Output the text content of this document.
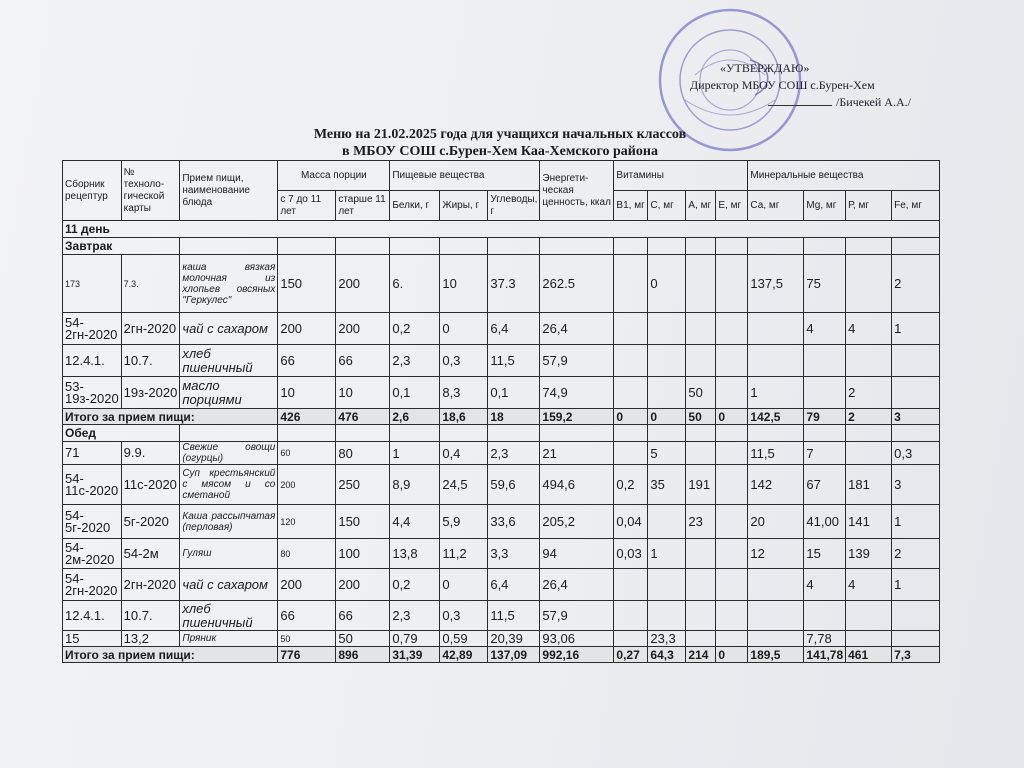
«УТВЕРЖДАЮ»
Директор МБОУ СОШ с.Бурен-Хем
/Бичекей А.А./
Меню на 21.02.2025 года для учащихся начальных классов
в МБОУ СОШ с.Бурен-Хем Каа-Хемского района
Сборник рецептур	№ техноло-гической карты	Прием пищи, наименование блюда	Масса порции		Пищевые вещества			Энергети-ческая ценность, ккал	Витамины				Минеральные вещества			
			с 7 до 11 лет	старше 11 лет	Белки, г	Жиры, г	Углеводы, г		В1, мг	С, мг	А, мг	Е, мг	Са, мг	Mg, мг	Р, мг	Fe, мг
11 день																
Завтрак																
173	7.3.	каша вязкая молочная из хлопьев овсяных "Геркулес"	150	200	6.	10	37.3	262.5		0			137,5	75		2
54-2гн-2020	2гн-2020	чай с сахаром	200	200	0,2	0	6,4	26,4						4	4	1
12.4.1.	10.7.	хлеб пшеничный	66	66	2,3	0,3	11,5	57,9								
53-19з-2020	19з-2020	масло порциями	10	10	0,1	8,3	0,1	74,9			50		1		2	
Итого за прием пищи:			426	476	2,6	18,6	18	159,2	0	0	50	0	142,5	79	2	3
Обед																
71	9.9.	Свежие овощи (огурцы)	60	80	1	0,4	2,3	21		5			11,5	7		0,3
54-11с-2020	11с-2020	Суп крестьянский с мясом и со сметаной	200	250	8,9	24,5	59,6	494,6	0,2	35	191		142	67	181	3
54-5г-2020	5г-2020	Каша рассыпчатая (перловая)	120	150	4,4	5,9	33,6	205,2	0,04		23		20	41,00	141	1
54-2м-2020	54-2м	Гуляш	80	100	13,8	11,2	3,3	94	0,03	1			12	15	139	2
54-2гн-2020	2гн-2020	чай с сахаром	200	200	0,2	0	6,4	26,4						4	4	1
12.4.1.	10.7.	хлеб пшеничный	66	66	2,3	0,3	11,5	57,9								
15	13,2	Пряник	50	50	0,79	0,59	20,39	93,06		23,3				7,78		
Итого за прием пищи:			776	896	31,39	42,89	137,09	992,16	0,27	64,3	214	0	189,5	141,78	461	7,3
